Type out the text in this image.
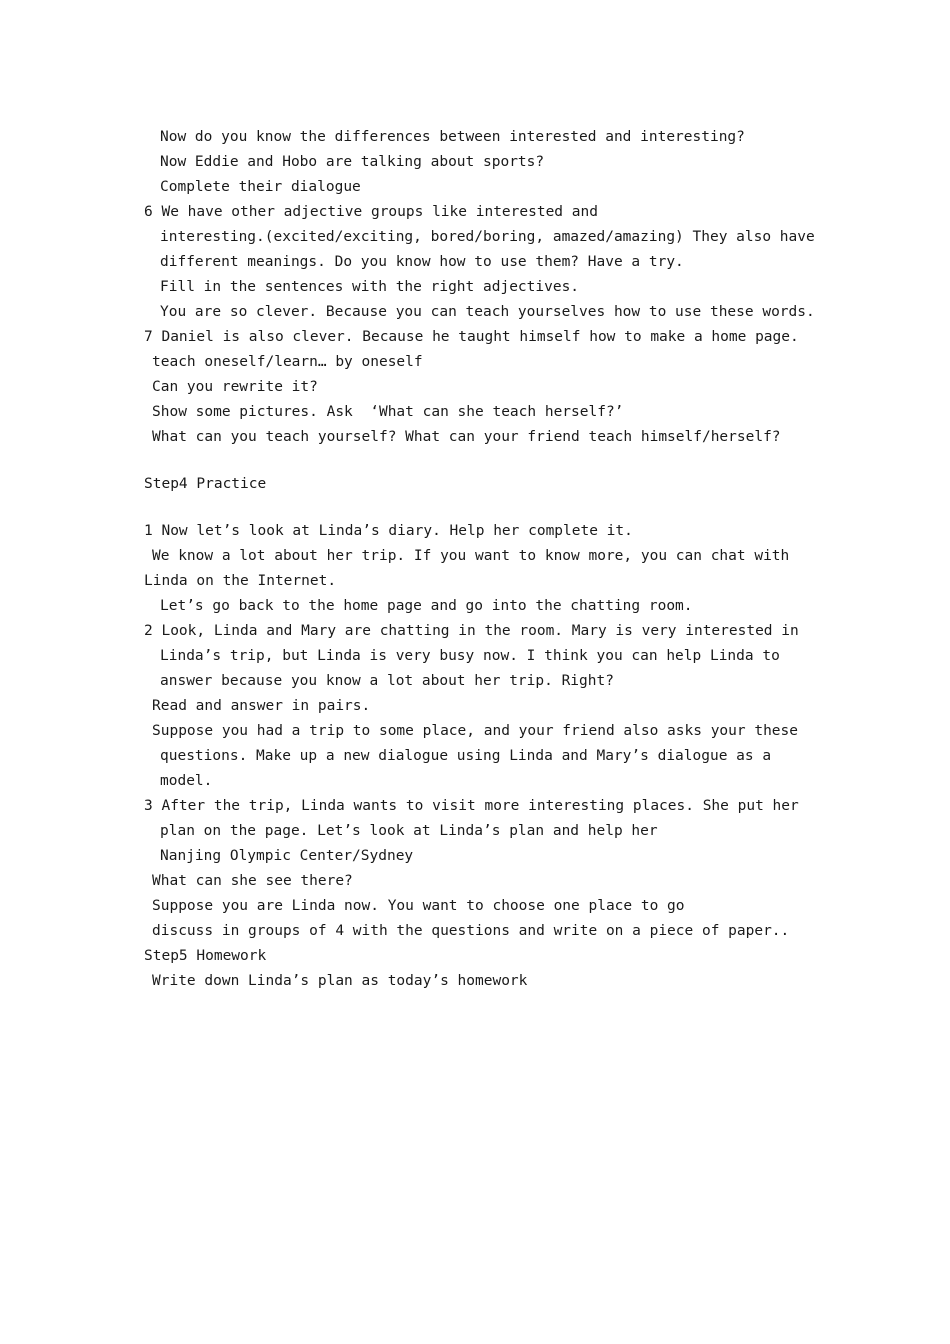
Now do you know the differences between interested and interesting?
Now Eddie and Hobo are talking about sports?
Complete their dialogue
6 We have other adjective groups like interested and
interesting.(excited/exciting, bored/boring, amazed/amazing) They also have
different meanings. Do you know how to use them? Have a try.
Fill in the sentences with the right adjectives.
You are so clever. Because you can teach yourselves how to use these words.
7 Daniel is also clever. Because he taught himself how to make a home page.
teach oneself/learn… by oneself
Can you rewrite it?
Show some pictures. Ask  ‘What can she teach herself?’
What can you teach yourself? What can your friend teach himself/herself?
Step4 Practice
1 Now let’s look at Linda’s diary. Help her complete it.
We know a lot about her trip. If you want to know more, you can chat with
Linda on the Internet.
Let’s go back to the home page and go into the chatting room.
2 Look, Linda and Mary are chatting in the room. Mary is very interested in
Linda’s trip, but Linda is very busy now. I think you can help Linda to
answer because you know a lot about her trip. Right?
Read and answer in pairs.
Suppose you had a trip to some place, and your friend also asks your these
questions. Make up a new dialogue using Linda and Mary’s dialogue as a
model.
3 After the trip, Linda wants to visit more interesting places. She put her
plan on the page. Let’s look at Linda’s plan and help her
Nanjing Olympic Center/Sydney
What can she see there?
Suppose you are Linda now. You want to choose one place to go
discuss in groups of 4 with the questions and write on a piece of paper..
Step5 Homework
Write down Linda’s plan as today’s homework
